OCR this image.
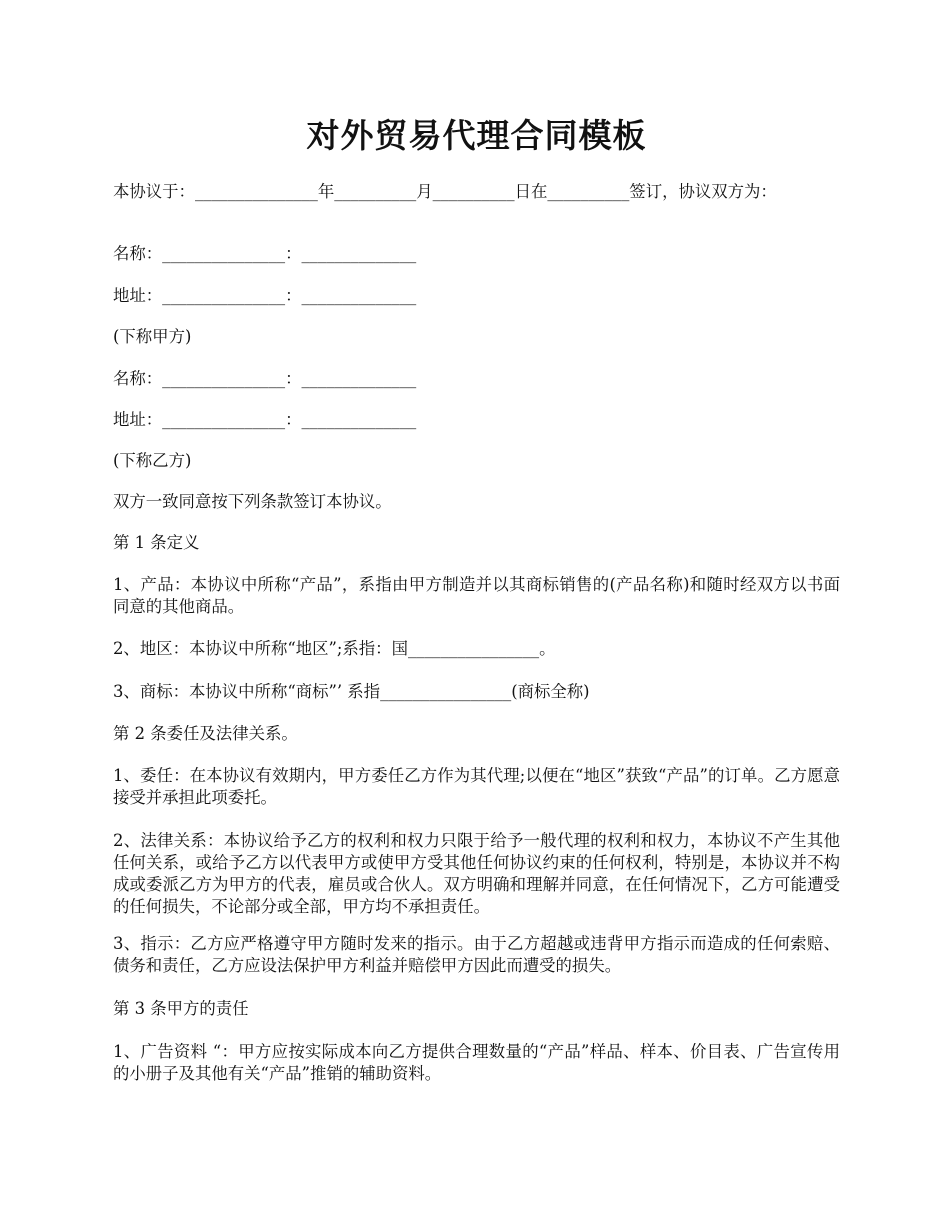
对外贸易代理合同模板
本协议于：_______________年__________月__________日在__________签订，协议双方为：
名称：_______________：______________
地址：_______________：______________
(下称甲方)
名称：_______________：______________
地址：_______________：______________
(下称乙方)
双方一致同意按下列条款签订本协议。
第 1 条定义
1、产品：本协议中所称“产品”，系指由甲方制造并以其商标销售的(产品名称)和随时经双方以书面同意的其他商品。
2、地区：本协议中所称“地区”;系指：国________________。
3、商标：本协议中所称“商标”’ 系指________________(商标全称)
第 2 条委任及法律关系。
1、委任：在本协议有效期内，甲方委任乙方作为其代理;以便在“地区”获致“产品”的订单。乙方愿意接受并承担此项委托。
2、法律关系：本协议给予乙方的权利和权力只限于给予一般代理的权利和权力，本协议不产生其他任何关系，或给予乙方以代表甲方或使甲方受其他任何协议约束的任何权利，特别是，本协议并不构成或委派乙方为甲方的代表，雇员或合伙人。双方明确和理解并同意，在任何情况下，乙方可能遭受的任何损失，不论部分或全部，甲方均不承担责任。
3、指示：乙方应严格遵守甲方随时发来的指示。由于乙方超越或违背甲方指示而造成的任何索赔、债务和责任，乙方应设法保护甲方利益并赔偿甲方因此而遭受的损失。
第 3 条甲方的责任
1、广告资料 “：甲方应按实际成本向乙方提供合理数量的“产品”样品、样本、价目表、广告宣传用的小册子及其他有关“产品”推销的辅助资料。
